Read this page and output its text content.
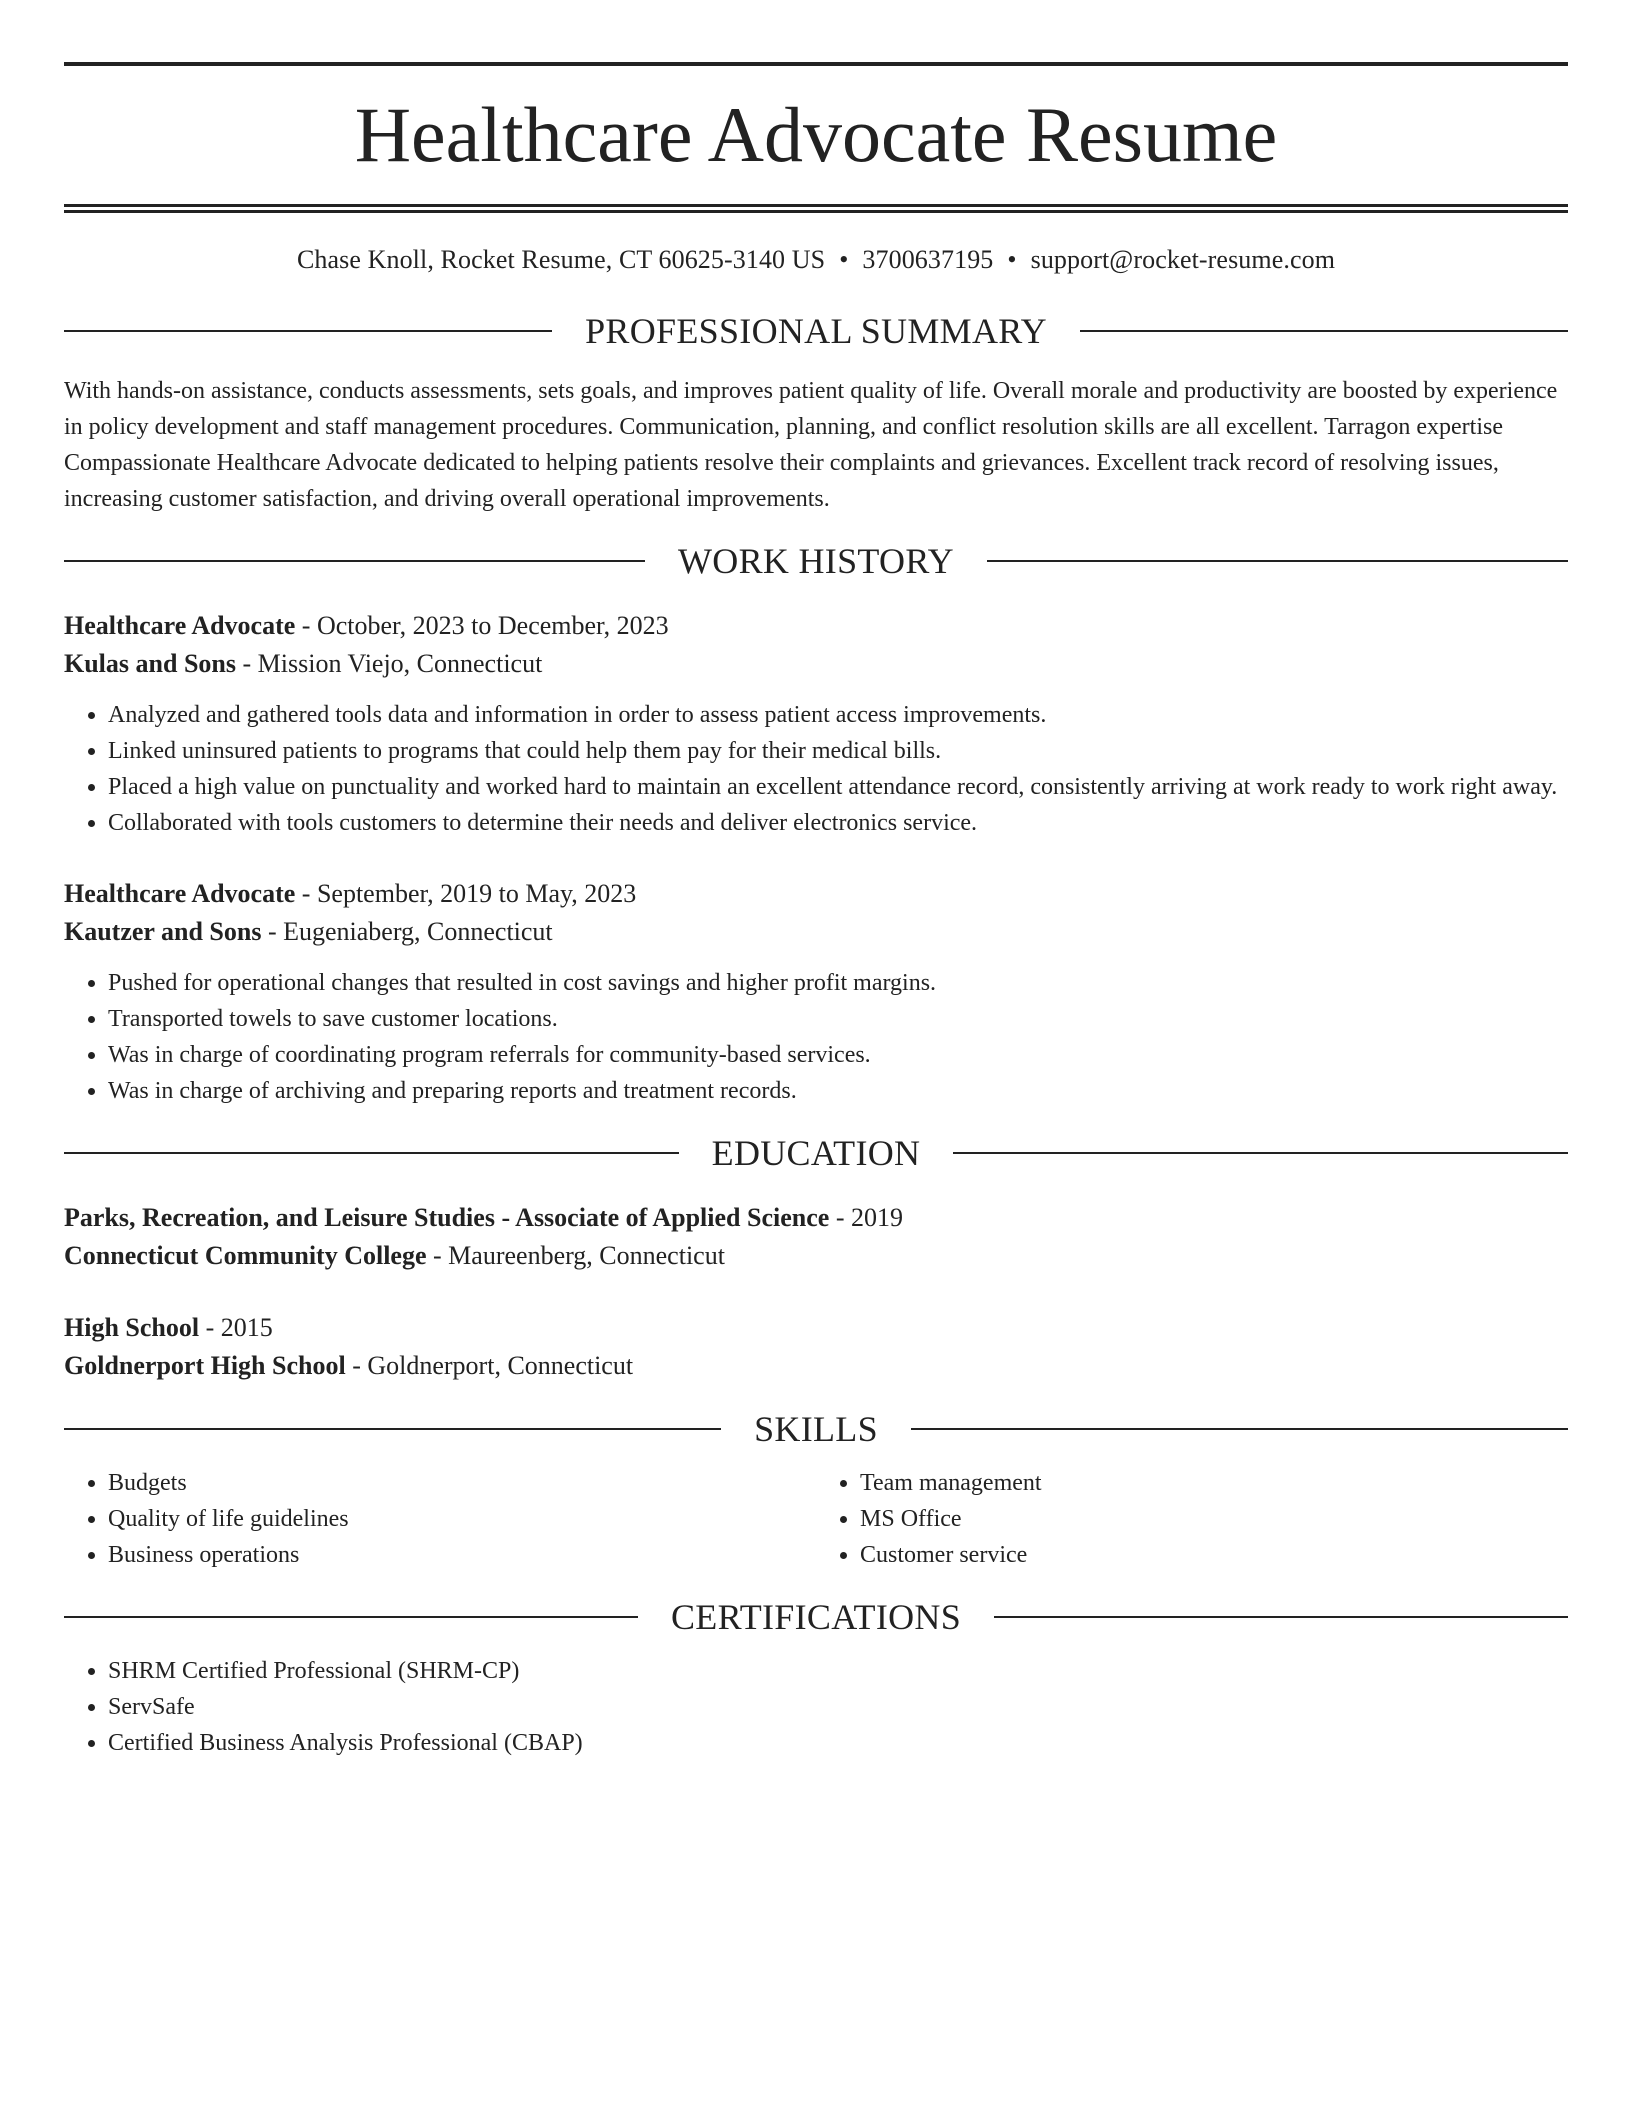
Healthcare Advocate Resume
Chase Knoll, Rocket Resume, CT 60625-3140 US • 3700637195 • support@rocket-resume.com
PROFESSIONAL SUMMARY
With hands-on assistance, conducts assessments, sets goals, and improves patient quality of life. Overall morale and productivity are boosted by experience in policy development and staff management procedures. Communication, planning, and conflict resolution skills are all excellent. Tarragon expertise Compassionate Healthcare Advocate dedicated to helping patients resolve their complaints and grievances. Excellent track record of resolving issues, increasing customer satisfaction, and driving overall operational improvements.
WORK HISTORY
Healthcare Advocate - October, 2023 to December, 2023
Kulas and Sons - Mission Viejo, Connecticut
• Analyzed and gathered tools data and information in order to assess patient access improvements.
• Linked uninsured patients to programs that could help them pay for their medical bills.
• Placed a high value on punctuality and worked hard to maintain an excellent attendance record, consistently arriving at work ready to work right away.
• Collaborated with tools customers to determine their needs and deliver electronics service.
Healthcare Advocate - September, 2019 to May, 2023
Kautzer and Sons - Eugeniaberg, Connecticut
• Pushed for operational changes that resulted in cost savings and higher profit margins.
• Transported towels to save customer locations.
• Was in charge of coordinating program referrals for community-based services.
• Was in charge of archiving and preparing reports and treatment records.
EDUCATION
Parks, Recreation, and Leisure Studies - Associate of Applied Science - 2019
Connecticut Community College - Maureenberg, Connecticut
High School - 2015
Goldnerport High School - Goldnerport, Connecticut
SKILLS
• Budgets
• Quality of life guidelines
• Business operations
• Team management
• MS Office
• Customer service
CERTIFICATIONS
• SHRM Certified Professional (SHRM-CP)
• ServSafe
• Certified Business Analysis Professional (CBAP)
